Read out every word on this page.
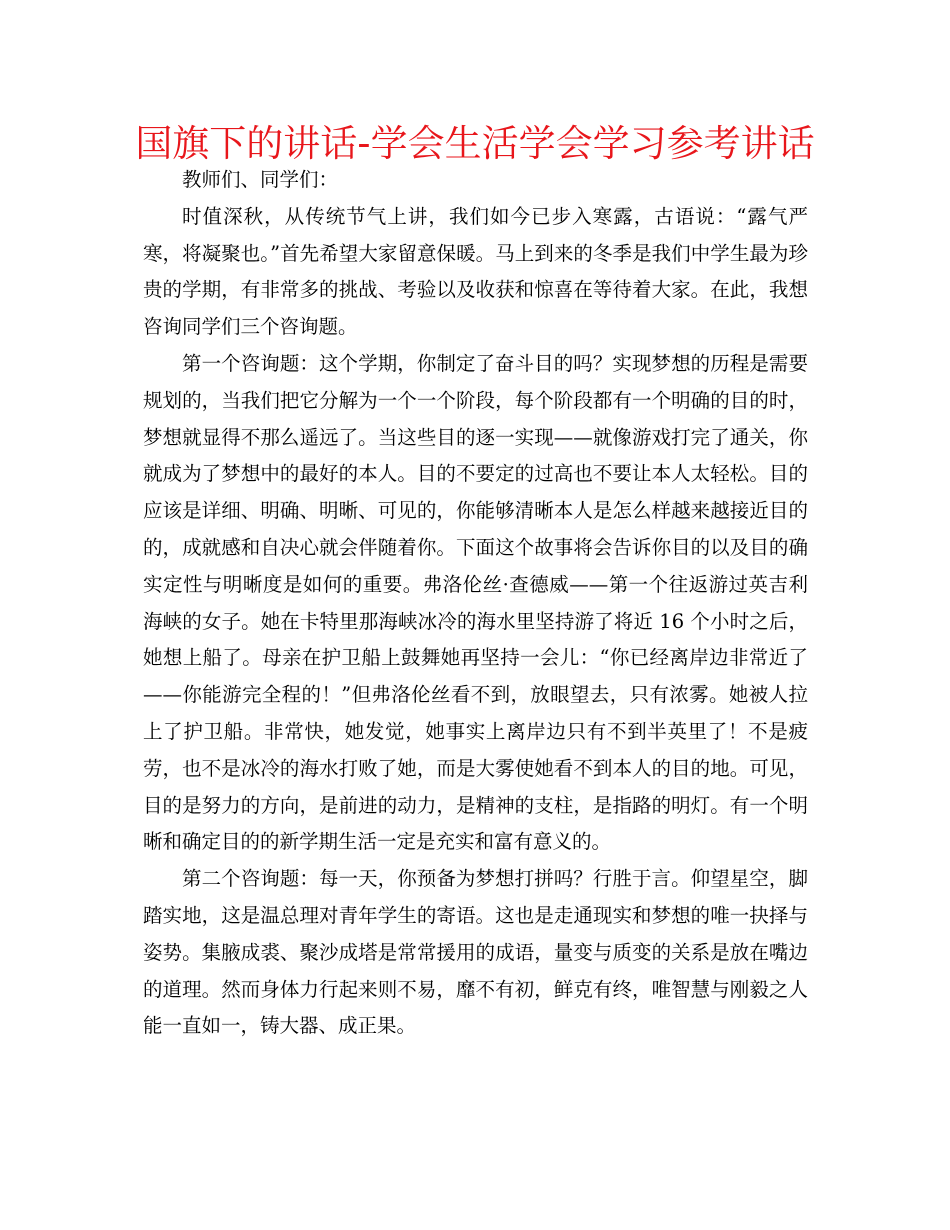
国旗下的讲话-学会生活学会学习参考讲话

教师们、同学们：

时值深秋，从传统节气上讲，我们如今已步入寒露，古语说：“露气严寒，将凝聚也。”首先希望大家留意保暖。马上到来的冬季是我们中学生最为珍贵的学期，有非常多的挑战、考验以及收获和惊喜在等待着大家。在此，我想咨询同学们三个咨询题。

第一个咨询题：这个学期，你制定了奋斗目的吗？实现梦想的历程是需要规划的，当我们把它分解为一个一个阶段，每个阶段都有一个明确的目的时，梦想就显得不那么遥远了。当这些目的逐一实现——就像游戏打完了通关，你就成为了梦想中的最好的本人。目的不要定的过高也不要让本人太轻松。目的应该是详细、明确、明晰、可见的，你能够清晰本人是怎么样越来越接近目的的，成就感和自决心就会伴随着你。下面这个故事将会告诉你目的以及目的确实定性与明晰度是如何的重要。弗洛伦丝·查德威——第一个往返游过英吉利海峡的女子。她在卡特里那海峡冰冷的海水里坚持游了将近 16 个小时之后，她想上船了。母亲在护卫船上鼓舞她再坚持一会儿：“你已经离岸边非常近了——你能游完全程的！”但弗洛伦丝看不到，放眼望去，只有浓雾。她被人拉上了护卫船。非常快，她发觉，她事实上离岸边只有不到半英里了！不是疲劳，也不是冰冷的海水打败了她，而是大雾使她看不到本人的目的地。可见，目的是努力的方向，是前进的动力，是精神的支柱，是指路的明灯。有一个明晰和确定目的的新学期生活一定是充实和富有意义的。

第二个咨询题：每一天，你预备为梦想打拼吗？行胜于言。仰望星空，脚踏实地，这是温总理对青年学生的寄语。这也是走通现实和梦想的唯一抉择与姿势。集腋成裘、聚沙成塔是常常援用的成语，量变与质变的关系是放在嘴边的道理。然而身体力行起来则不易，靡不有初，鲜克有终，唯智慧与刚毅之人能一直如一，铸大器、成正果。
